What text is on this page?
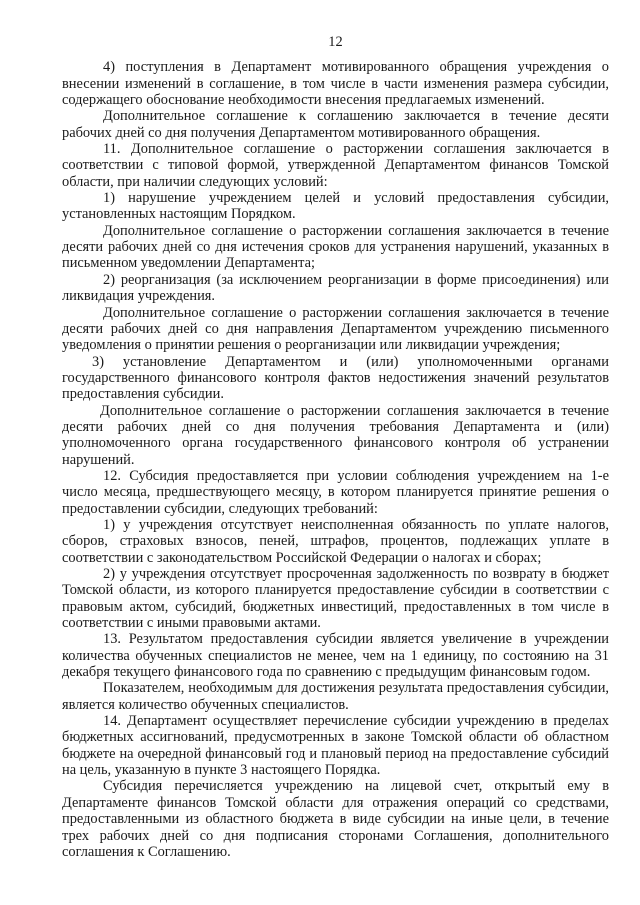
12

4) поступления в Департамент мотивированного обращения учреждения о внесении изменений в соглашение, в том числе в части изменения размера субсидии, содержащего обоснование необходимости внесения предлагаемых изменений.

Дополнительное соглашение к соглашению заключается в течение десяти рабочих дней со дня получения Департаментом мотивированного обращения.

11. Дополнительное соглашение о расторжении соглашения заключается в соответствии с типовой формой, утвержденной Департаментом финансов Томской области, при наличии следующих условий:

1) нарушение учреждением целей и условий предоставления субсидии, установленных настоящим Порядком.

Дополнительное соглашение о расторжении соглашения заключается в течение десяти рабочих дней со дня истечения сроков для устранения нарушений, указанных в письменном уведомлении Департамента;

2) реорганизация (за исключением реорганизации в форме присоединения) или ликвидация учреждения.

Дополнительное соглашение о расторжении соглашения заключается в течение десяти рабочих дней со дня направления Департаментом учреждению письменного уведомления о принятии решения о реорганизации или ликвидации учреждения;

3) установление Департаментом и (или) уполномоченными органами государственного финансового контроля фактов недостижения значений результатов предоставления субсидии.

Дополнительное соглашение о расторжении соглашения заключается в течение десяти рабочих дней со дня получения требования Департамента и (или) уполномоченного органа государственного финансового контроля об устранении нарушений.

12. Субсидия предоставляется при условии соблюдения учреждением на 1-е число месяца, предшествующего месяцу, в котором планируется принятие решения о предоставлении субсидии, следующих требований:

1) у учреждения отсутствует неисполненная обязанность по уплате налогов, сборов, страховых взносов, пеней, штрафов, процентов, подлежащих уплате в соответствии с законодательством Российской Федерации о налогах и сборах;

2) у учреждения отсутствует просроченная задолженность по возврату в бюджет Томской области, из которого планируется предоставление субсидии в соответствии с правовым актом, субсидий, бюджетных инвестиций, предоставленных в том числе в соответствии с иными правовыми актами.

13. Результатом предоставления субсидии является увеличение в учреждении количества обученных специалистов не менее, чем на 1 единицу, по состоянию на 31 декабря текущего финансового года по сравнению с предыдущим финансовым годом.

Показателем, необходимым для достижения результата предоставления субсидии, является количество обученных специалистов.

14. Департамент осуществляет перечисление субсидии учреждению в пределах бюджетных ассигнований, предусмотренных в законе Томской области об областном бюджете на очередной финансовый год и плановый период на предоставление субсидий на цель, указанную в пункте 3 настоящего Порядка.

Субсидия перечисляется учреждению на лицевой счет, открытый ему в Департаменте финансов Томской области для отражения операций со средствами, предоставленными из областного бюджета в виде субсидии на иные цели, в течение трех рабочих дней со дня подписания сторонами Соглашения, дополнительного соглашения к Соглашению.
